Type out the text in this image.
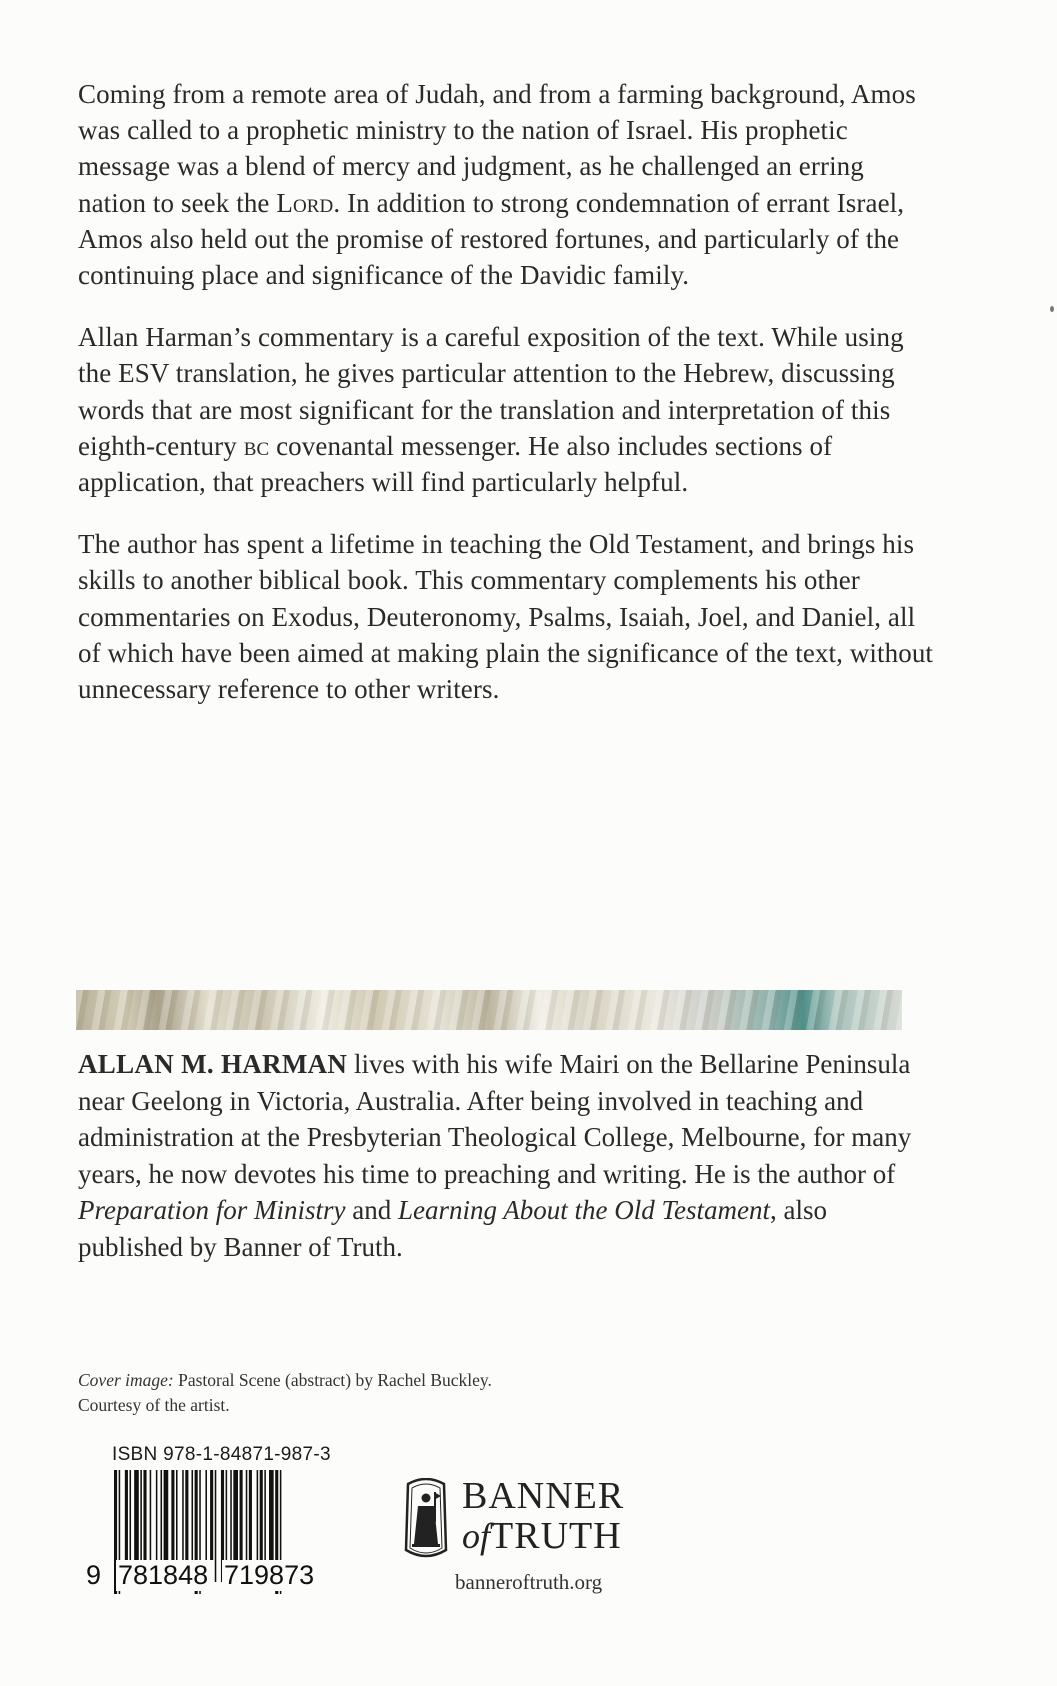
Coming from a remote area of Judah, and from a farming background, Amos was called to a prophetic ministry to the nation of Israel. His prophetic message was a blend of mercy and judgment, as he challenged an erring nation to seek the Lord. In addition to strong condemnation of errant Israel, Amos also held out the promise of restored fortunes, and particularly of the continuing place and significance of the Davidic family.

Allan Harman’s commentary is a careful exposition of the text. While using the ESV translation, he gives particular attention to the Hebrew, discussing words that are most significant for the translation and interpretation of this eighth-century bc covenantal messenger. He also includes sections of application, that preachers will find particularly helpful.

The author has spent a lifetime in teaching the Old Testament, and brings his skills to another biblical book. This commentary complements his other commentaries on Exodus, Deuteronomy, Psalms, Isaiah, Joel, and Daniel, all of which have been aimed at making plain the significance of the text, without unnecessary reference to other writers.

ALLAN M. HARMAN lives with his wife Mairi on the Bellarine Peninsula near Geelong in Victoria, Australia. After being involved in teaching and administration at the Presbyterian Theological College, Melbourne, for many years, he now devotes his time to preaching and writing. He is the author of Preparation for Ministry and Learning About the Old Testament, also published by Banner of Truth.
Cover image: Pastoral Scene (abstract) by Rachel Buckley.
Courtesy of the artist.
ISBN 978-1-84871-987-3
9 781848 719873
BANNER
ofTRUTH
banneroftruth.org
